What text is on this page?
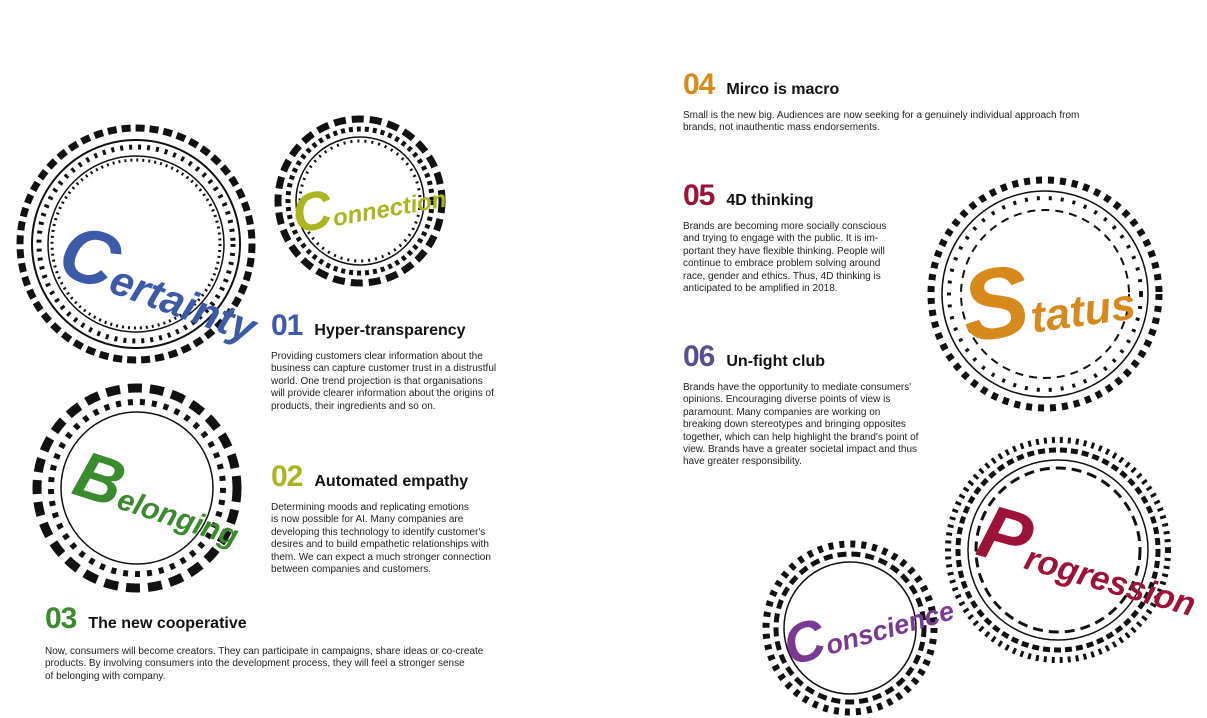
Certainty
Connection
Belonging
Status
Progression
Conscience
01 Hyper-transparency

Providing customers clear information about the
business can capture customer trust in a distrustful
world. One trend projection is that organisations
will provide clearer information about the origins of
products, their ingredients and so on.

02 Automated empathy

Determining moods and replicating emotions
is now possible for AI. Many companies are
developing this technology to identify customer's
desires and to build empathetic relationships with
them. We can expect a much stronger connection
between companies and customers.

03 The new cooperative

Now, consumers will become creators. They can participate in campaigns, share ideas or co-create
products. By involving consumers into the development process, they will feel a stronger sense
of belonging with company.

04 Mirco is macro

Small is the new big. Audiences are now seeking for a genuinely individual approach from
brands, not inauthentic mass endorsements.

05 4D thinking

Brands are becoming more socially conscious
and trying to engage with the public. It is im-
portant they have flexible thinking. People will
continue to embrace problem solving around
race, gender and ethics. Thus, 4D thinking is
anticipated to be amplified in 2018.

06 Un-fight club

Brands have the opportunity to mediate consumers'
opinions. Encouraging diverse points of view is
paramount. Many companies are working on
breaking down stereotypes and bringing opposites
together, which can help highlight the brand's point of
view. Brands have a greater societal impact and thus
have greater responsibility.
